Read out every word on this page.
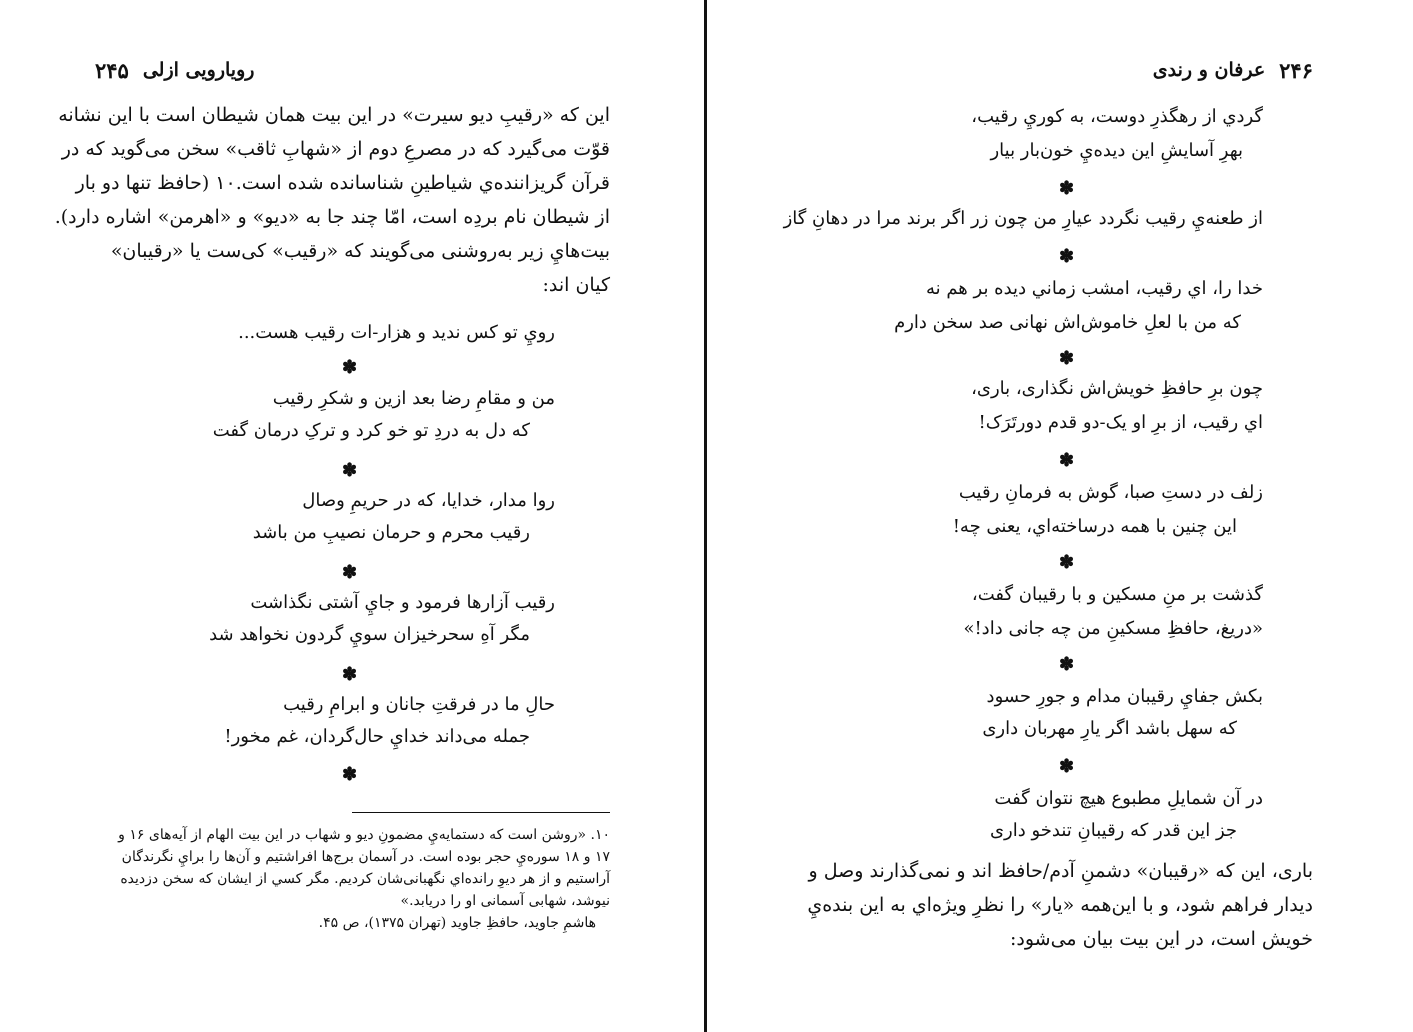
۲۴۵ رویارویی ازلی
این که «رقیبِ دیو سیرت» در این بیت همان شیطان است با این نشانه
قوّت می‌گیرد که در مصرعِ دوم از «شهابِ ثاقب» سخن می‌گوید که در
قرآن گریزاننده‌ي شیاطینِ شناسانده شده است.۱۰ (حافظ تنها دو بار
از شیطان نام بردِه است، امّا چند جا به «دیو» و «اهرمن» اشاره دارد).
بیت‌هايِ زیر به‌روشنی می‌گویند که «رقیب» کی‌ست یا «رقیبان»
کیان اند:
رويِ تو کس ندید و هزار-ات رقیب هست...
✽
من و مقامِ رضا بعد ازین و شکرِ رقیب
که دل به دردِ تو خو کرد و ترکِ درمان گفت
✽
روا مدار، خدایا، که در حریمِ وصال
رقیب محرم و حرمان نصیبِ من باشد
✽
رقیب آزارها فرمود و جايِ آشتی نگذاشت
مگر آهِ سحرخیزان سويِ گردون نخواهد شد
✽
حالِ ما در فرقتِ جانان و ابرامِ رقیب
جمله می‌داند خدايِ حال‌گردان، غم مخور!
✽
۱۰. «روشن است که دستمایه‌يِ مضمونِ دیو و شهاب در این بیت الهام از آیه‌های ۱۶ و
۱۷ و ۱۸ سوره‌يِ حجر بوده است. در آسمان برج‌ها افراشتیم و آن‌ها را برايِ نگرندگان
آراستیم و از هر دیوِ رانده‌اي نگهبانی‌شان کردیم. مگر کسي از ایشان که سخن دزدیده
نیوشد، شهابی آسمانی او را دریابد.»
هاشمِ جاوید، حافظِ جاوید (تهران ۱۳۷۵)، ص ۴۵.
۲۴۶
عرفان و رندی
گردي از رهگذرِ دوست، به کوريِ رقیب،
بهرِ آسایشِ این دیده‌يِ خون‌بار بیار
✽
از طعنه‌يِ رقیب نگردد عیارِ من چون زر اگر برند مرا در دهانِ گاز
✽
خدا را، اي رقیب، امشب زماني دیده بر هم نه
که من با لعلِ خاموش‌اش نهانی صد سخن دارم
✽
چون برِ حافظِ خویش‌اش نگذاری، باری،
اي رقیب، از برِ او یک-دو قدم دورتَرَک!
✽
زلف در دستِ صبا، گوش به فرمانِ رقیب
این چنین با همه درساخته‌اي، یعنی چه!
✽
گذشت بر منِ مسکین و با رقیبان گفت،
«دریغ، حافظِ مسکینِ من چه جانی داد!»
✽
بکش جفايِ رقیبان مدام و جورِ حسود
که سهل باشد اگر یارِ مهربان داری
✽
در آن شمایلِ مطبوع هیچ نتوان گفت
جز این قدر که رقیبانِ تندخو داری
باری، این که «رقیبان» دشمنِ آدم/حافظ اند و نمی‌گذارند وصل و
دیدار فراهم شود، و با این‌همه «یار» را نظرِ ویژه‌اي به این بنده‌يِ
خویش است، در این بیت بیان می‌شود:
